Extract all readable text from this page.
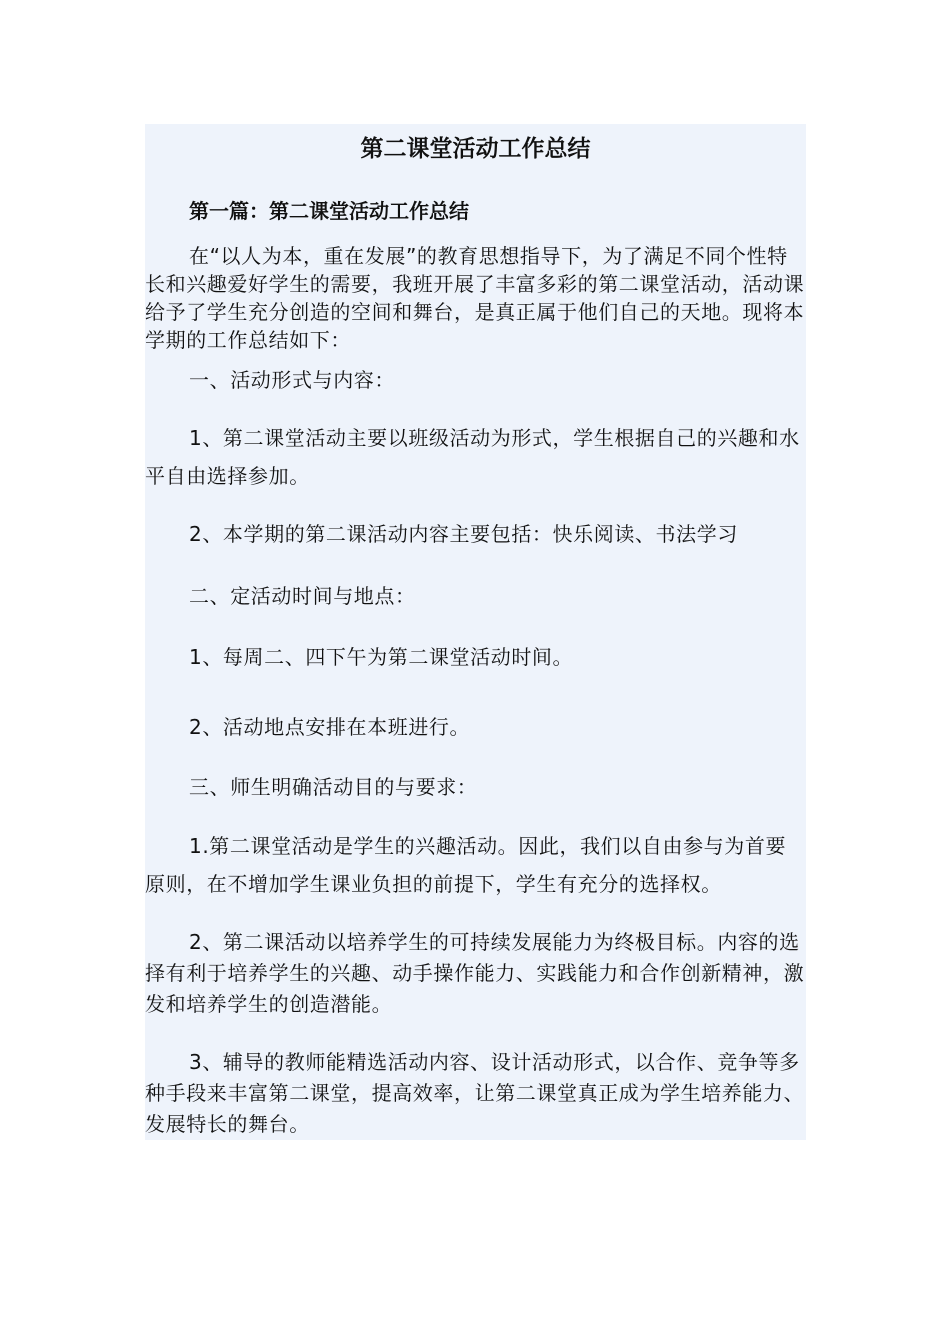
第二课堂活动工作总结

第一篇：第二课堂活动工作总结

在“以人为本，重在发展”的教育思想指导下，为了满足不同个性特长和兴趣爱好学生的需要，我班开展了丰富多彩的第二课堂活动，活动课给予了学生充分创造的空间和舞台，是真正属于他们自己的天地。现将本学期的工作总结如下：

一、活动形式与内容：

1、第二课堂活动主要以班级活动为形式，学生根据自己的兴趣和水平自由选择参加。

2、本学期的第二课活动内容主要包括：快乐阅读、书法学习

二、定活动时间与地点：

1、每周二、四下午为第二课堂活动时间。

2、活动地点安排在本班进行。

三、师生明确活动目的与要求：

1.第二课堂活动是学生的兴趣活动。因此，我们以自由参与为首要原则，在不增加学生课业负担的前提下，学生有充分的选择权。

2、第二课活动以培养学生的可持续发展能力为终极目标。内容的选择有利于培养学生的兴趣、动手操作能力、实践能力和合作创新精神，激发和培养学生的创造潜能。

3、辅导的教师能精选活动内容、设计活动形式，以合作、竞争等多种手段来丰富第二课堂，提高效率，让第二课堂真正成为学生培养能力、发展特长的舞台。
